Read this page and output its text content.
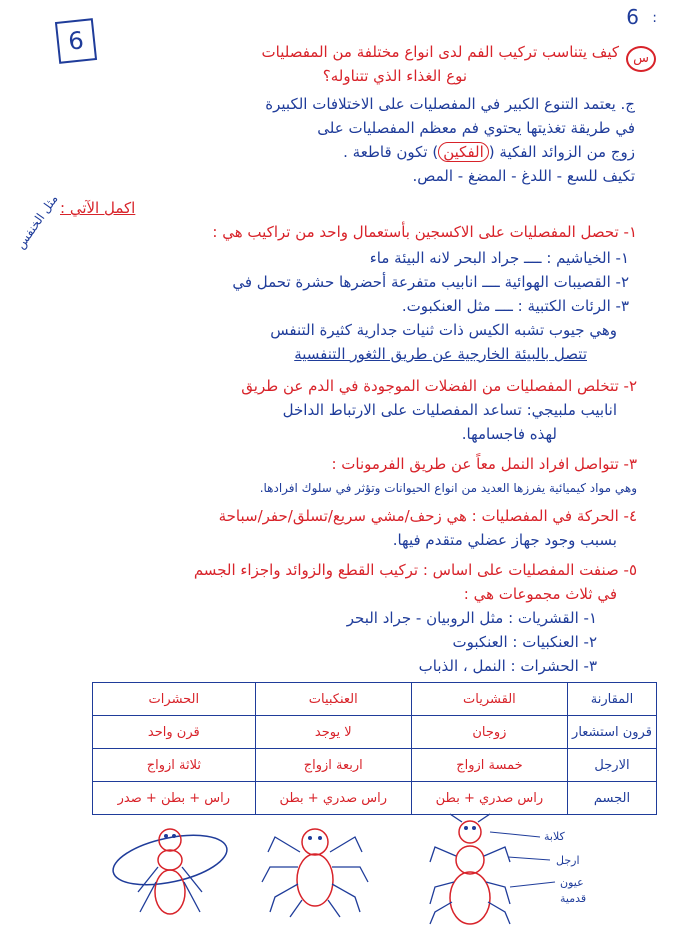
6 :
6
س
كيف يتناسب تركيب الفم لدى انواع مختلفة من المفصليات
نوع الغذاء الذي تتناوله؟
ج. يعتمد التنوع الكبير في المفصليات على الاختلافات الكبيرة
في طريقة تغذيتها يحتوي فم معظم المفصليات على
زوج من الزوائد الفكية (الفكين) تكون قاطعة .
تكيف للسع - اللدغ - المضغ - المص.
اكمل الآتي :
١- تحصل المفصليات على الاكسجين بأستعمال واحد من تراكيب هي :
مثل الخنفس
١- الخياشيم : ــــ جراد البحر لانه البيئة ماء
٢- القصيبات الهوائية ــــ انابيب متفرعة أحضرها حشرة تحمل في
٣- الرئات الكتبية : ــــ مثل العنكبوت.
وهي جيوب تشبه الكيس ذات ثنيات جدارية كثيرة التنفس
تتصل بالبيئة الخارجية عن طريق الثغور التنفسية
٢- تتخلص المفصليات من الفضلات الموجودة في الدم عن طريق
انابيب ملبيجي: تساعد المفصليات على الارتباط الداخل
لهذه فاجسامها.
٣- تتواصل افراد النمل معاً عن طريق الفرمونات :
وهي مواد كيميائية يفرزها العديد من انواع الحيوانات وتؤثر في سلوك افرادها.
٤- الحركة في المفصليات : هي زحف/مشي سريع/تسلق/حفر/سباحة
بسبب وجود جهاز عضلي متقدم فيها.
٥- صنفت المفصليات على اساس : تركيب القطع والزوائد واجزاء الجسم
في ثلاث مجموعات هي :
١- القشريات : مثل الروبيان - جراد البحر
٢- العنكبيات : العنكبوت
٣- الحشرات : النمل ، الذباب
المقارنة	القشريات	العنكبيات	الحشرات
قرون استشعار	زوجان	لا يوجد	قرن واحد
الارجل	خمسة ازواج	اربعة ازواج	ثلاثة ازواج
الجسم	راس صدري + بطن	راس صدري + بطن	راس + بطن + صدر
كلابة
ارجل
عيون
قدمية
